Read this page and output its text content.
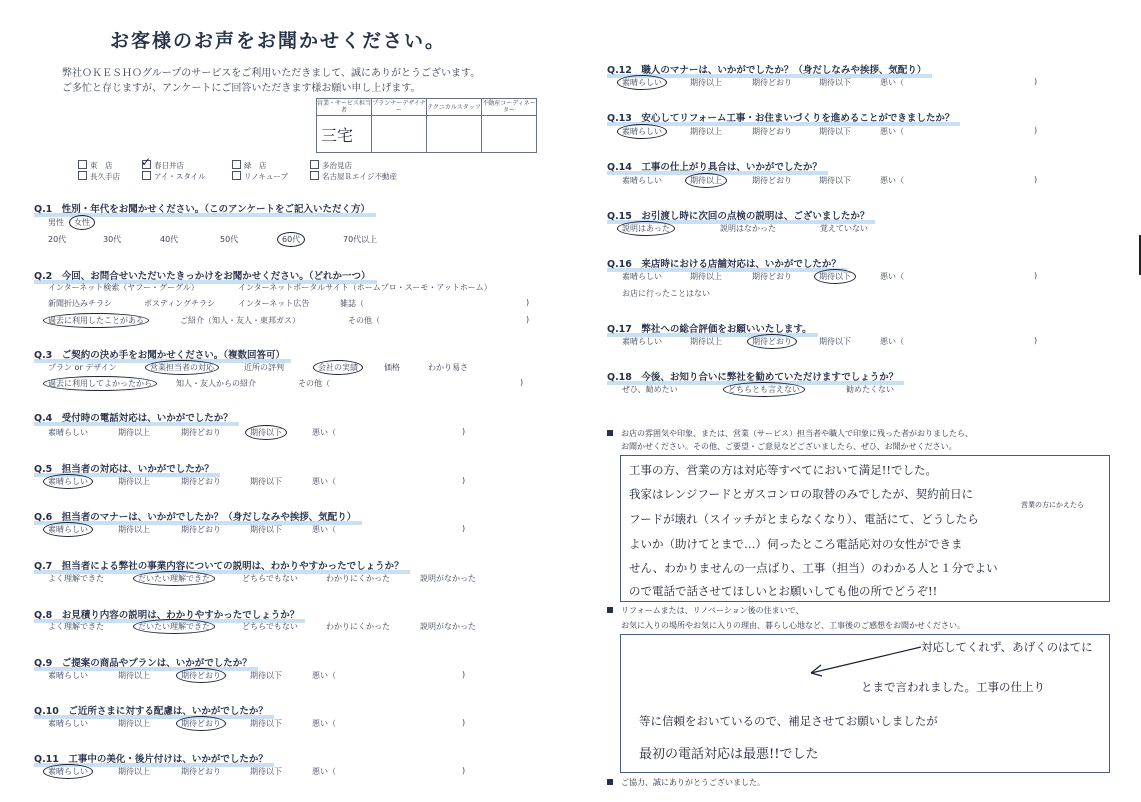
お客様のお声をお聞かせください。
弊社ＯＫＥＳＨＯグループのサービスをご利用いただきまして、誠にありがとうございます。
ご多忙と存じますが、アンケートにご回答いただきます様お願い申し上げます。
営業・サービス担当者	プランナーデザイナー	テクニカルスタッフ	不動産コーディネーター
三宅			
東　店 ✓ 春日井店	緑　店	多治見店
長久手店	アイ・スタイル	リノキューブ	名古屋Ｒエイジ不動産
Q.1　性別・年代をお聞かせください。（このアンケートをご記入いただく方）
男性	女性
20代	30代	40代	50代	60代	70代以上
Q.2　今回、お問合せいただいたきっかけをお聞かせください。（どれか一つ）
インターネット検索（ヤフー・グーグル）	インターネットポータルサイト（ホームプロ・スーモ・アットホーム）
新聞折込みチラシ	ポスティングチラシ	インターネット広告	雑誌（	)
過去に利用したことがある	ご紹介（知人・友人・東邦ガス）	その他（	)
Q.3　ご契約の決め手をお聞かせください。（複数回答可）
プラン or デザイン	営業担当者の対応	近所の評判	会社の実績	価格	わかり易さ
過去に利用してよかったから	知人・友人からの紹介	その他（	)
Q.4　受付時の電話対応は、いかがでしたか？
素晴らしい	期待以上	期待どおり	期待以下	悪い（	)
Q.5　担当者の対応は、いかがでしたか？
素晴らしい	期待以上	期待どおり	期待以下	悪い（	)
Q.6　担当者のマナーは、いかがでしたか？（身だしなみや挨拶、気配り）
素晴らしい	期待以上	期待どおり	期待以下	悪い（	)
Q.7　担当者による弊社の事業内容についての説明は、わかりやすかったでしょうか？
よく理解できた	だいたい理解できた	どちらでもない	わかりにくかった	説明がなかった
Q.8　お見積り内容の説明は、わかりやすかったでしょうか？
よく理解できた	だいたい理解できた	どちらでもない	わかりにくかった	説明がなかった
Q.9　ご提案の商品やプランは、いかがでしたか？
素晴らしい	期待以上	期待どおり	期待以下	悪い（	)
Q.10　ご近所さまに対する配慮は、いかがでしたか？
素晴らしい	期待以上	期待どおり	期待以下	悪い（	)
Q.11　工事中の美化・後片付けは、いかがでしたか？
素晴らしい	期待以上	期待どおり	期待以下	悪い（	)
Q.12　職人のマナーは、いかがでしたか？（身だしなみや挨拶、気配り）
素晴らしい	期待以上	期待どおり	期待以下	悪い（	)
Q.13　安心してリフォーム工事・お住まいづくりを進めることができましたか？
素晴らしい	期待以上	期待どおり	期待以下	悪い（	)
Q.14　工事の仕上がり具合は、いかがでしたか？
素晴らしい	期待以上	期待どおり	期待以下	悪い（	)
Q.15　お引渡し時に次回の点検の説明は、ございましたか？
説明はあった	説明はなかった	覚えていない
Q.16　来店時における店舗対応は、いかがでしたか？
素晴らしい	期待以上	期待どおり	期待以下	悪い（	)
お店に行ったことはない
Q.17　弊社への総合評価をお願いいたします。
素晴らしい	期待以上	期待どおり	期待以下	悪い（	)
Q.18　今後、お知り合いに弊社を勧めていただけますでしょうか？
ぜひ、勧めたい	どちらとも言えない	勧めたくない
お店の雰囲気や印象、または、営業（サービス）担当者や職人で印象に残った者がおりましたら、
お聞かせください。その他、ご要望・ご意見などございましたら、ぜひ、お聞かせください。
工事の方、営業の方は対応等すべてにおいて満足!!でした。
我家はレンジフードとガスコンロの取替のみでしたが、契約前日に
フードが壊れ（スイッチがとまらなくなり）、電話にて、どうしたら
営業の方にかえたら
よいか（助けてとまで…）伺ったところ電話応対の女性ができま
せん、わかりませんの一点ばり、工事（担当）のわかる人と１分でよい
ので電話で話させてほしいとお願いしても他の所でどうぞ!!
リフォームまたは、リノベーション後の住まいで、
お気に入りの場所やお気に入りの理由、暮らし心地など、工事後のご感想をお聞かせください。
対応してくれず、あげくのはてに
とまで言われました。工事の仕上り
等に信頼をおいているので、補足させてお願いしましたが
最初の電話対応は最悪!!でした
ご協力、誠にありがとうございました。
